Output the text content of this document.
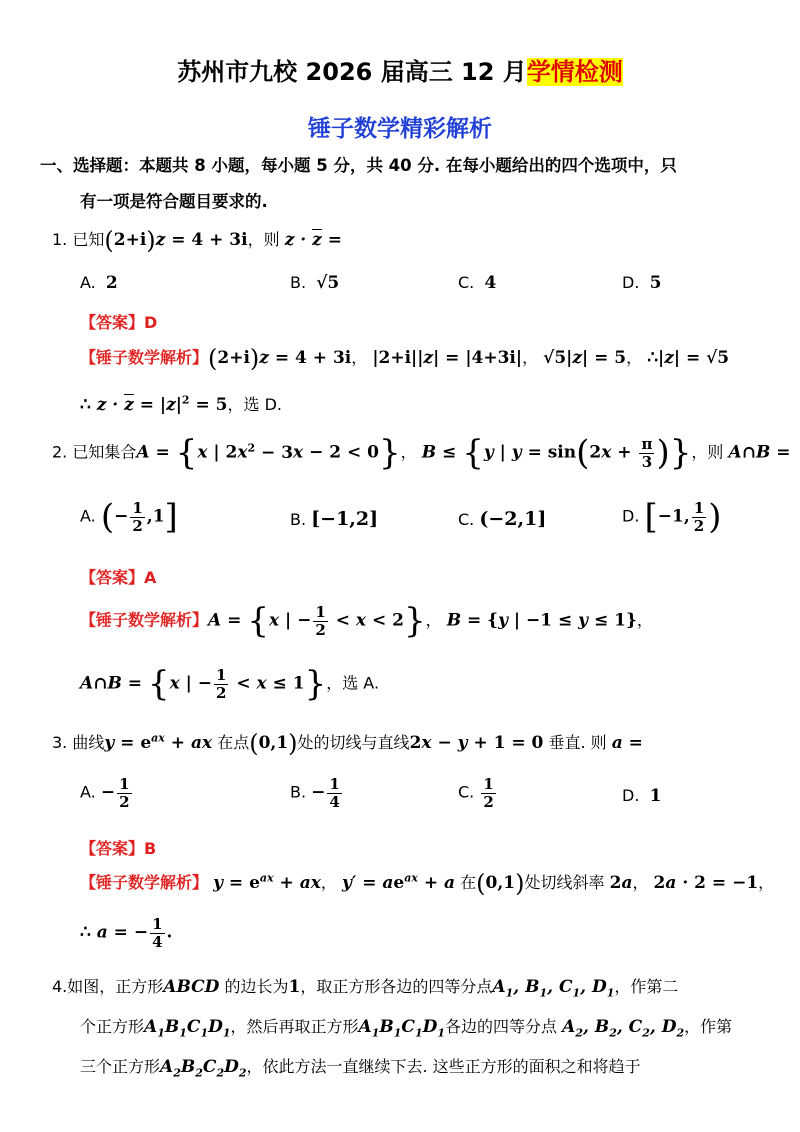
苏州市九校 2026 届高三 12 月学情检测
锤子数学精彩解析
一、选择题：本题共 8 小题，每小题 5 分，共 40 分. 在每小题给出的四个选项中，只
有一项是符合题目要求的.
1. 已知(2+i)z = 4 + 3i，则 $z \cdot \overline{z}$ =
A. 2	B. √5	C. 4	D. 5
【答案】D
【锤子数学解析】(2+i)z = 4 + 3i， |2+i||z| = |4+3i|， √5|z| = 5， ∴|z| = √5
∴ $z \cdot \overline{z} = |z|^2 = 5$，选 D.
2. 已知集合A = {x | $2x^2 - 3x - 2 < 0$}， B ≤ {y | $y = \sin(2x + \frac{\pi}{3}$ )}，则 A∩B =
A. (− $\frac{1}{2} ,1$]	B. [−1,2]	C. (−2,1]	D. [−1, $\frac{1}{2}$ )
【答案】A
【锤子数学解析】A = {x | − $\frac{1}{2} < x < 2$}， B = {y | −1 ≤ y ≤ 1}，
A∩B = {x | − $\frac{1}{2} < x \le 1$}，选 A.
3. 曲线$y = e^{ax}$ + ax 在点(0,1)处的切线与直线2x − y + 1 = 0 垂直. 则 a =
A. − $\frac{1}{2}$	B. − $\frac{1}{4}$	C. $\frac{1}{2}$	D. 1
【答案】B
【锤子数学解析】 $y = e^{ax}$ + ax， $y' = ae^{ax} + a$ 在(0,1)处切线斜率 2a， 2a · 2 = −1，
∴ a = − $\frac{1}{4}$ .
4.如图，正方形ABCD 的边长为1，取正方形各边的四等分点$A_1$, $B_1$, $C_1$, $D_1$，作第二
个正方形$A_1B_1C_1D_1$，然后再取正方形$A_1B_1C_1D_1$各边的四等分点 $A_2$, $B_2$, $C_2$, $D_2$，作第
三个正方形$A_2B_2C_2D_2$，依此方法一直继续下去. 这些正方形的面积之和将趋于
